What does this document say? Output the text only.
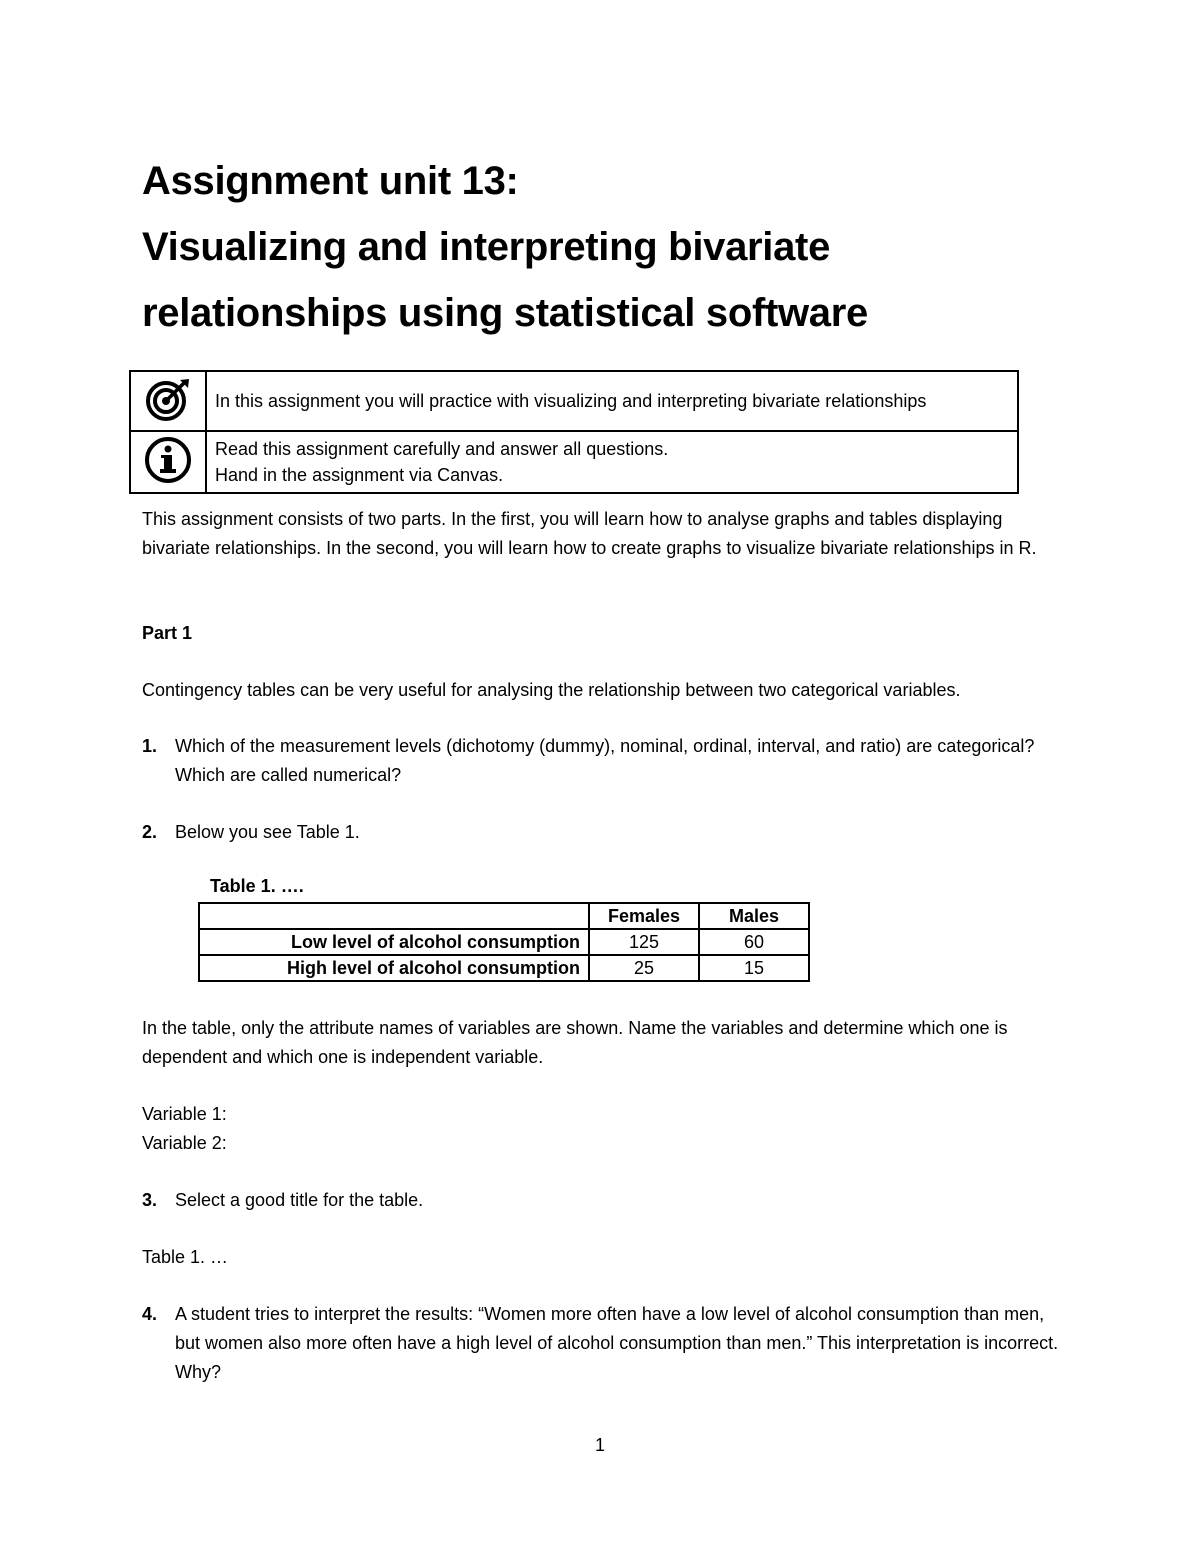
Assignment unit 13:
Visualizing and interpreting bivariate
relationships using statistical software
	In this assignment you will practice with visualizing and interpreting bivariate relationships

Read this assignment carefully and answer all questions.
Hand in the assignment via Canvas.

This assignment consists of two parts. In the first, you will learn how to analyse graphs and tables displaying bivariate relationships. In the second, you will learn how to create graphs to visualize bivariate relationships in R.

Part 1

Contingency tables can be very useful for analysing the relationship between two categorical variables.

1. Which of the measurement levels (dichotomy (dummy), nominal, ordinal, interval, and ratio) are categorical? Which are called numerical?
2. Below you see Table 1.
Table 1. ….
	Females	Males
Low level of alcohol consumption	125	60
High level of alcohol consumption	25	15

In the table, only the attribute names of variables are shown. Name the variables and determine which one is dependent and which one is independent variable.

Variable 1:

Variable 2:

3. Select a good title for the table.

Table 1. …

4. A student tries to interpret the results: “Women more often have a low level of alcohol consumption than men, but women also more often have a high level of alcohol consumption than men.” This interpretation is incorrect. Why?
1
